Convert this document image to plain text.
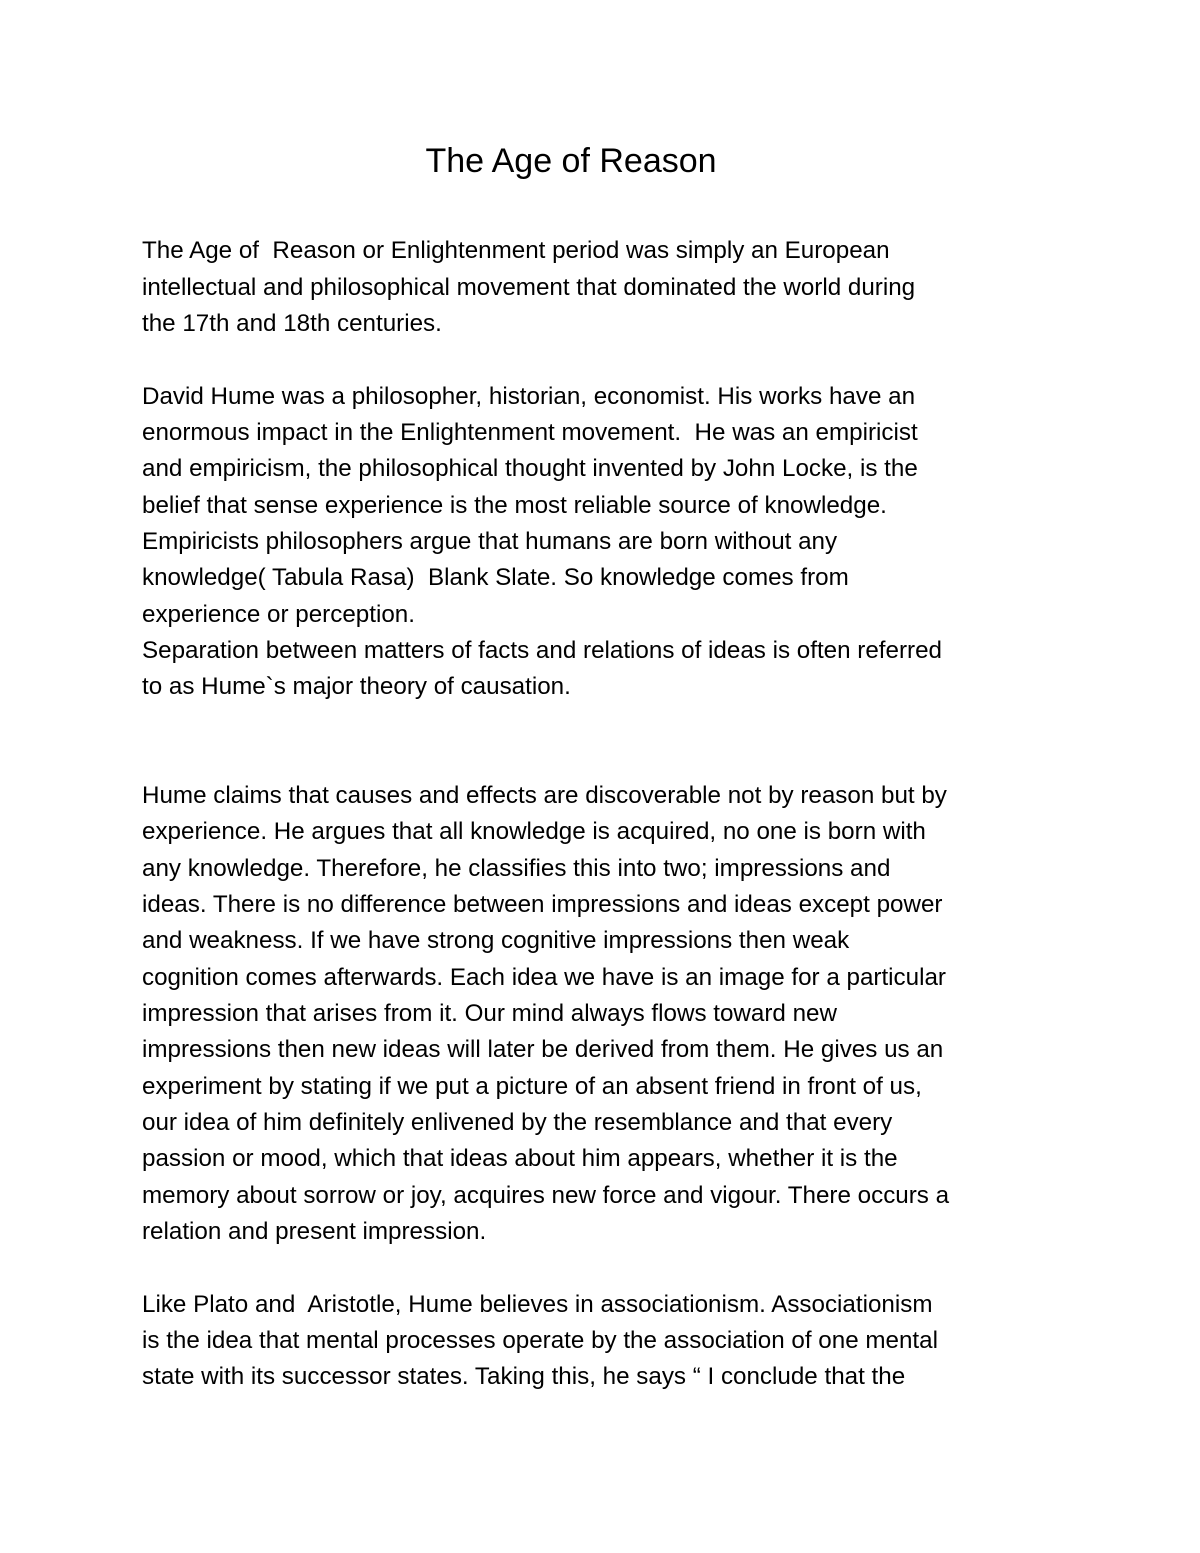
The Age of Reason

The Age of  Reason or Enlightenment period was simply an European

intellectual and philosophical movement that dominated the world during

the 17th and 18th centuries.

David Hume was a philosopher, historian, economist. His works have an

enormous impact in the Enlightenment movement.  He was an empiricist

and empiricism, the philosophical thought invented by John Locke, is the

belief that sense experience is the most reliable source of knowledge.

Empiricists philosophers argue that humans are born without any

knowledge( Tabula Rasa)  Blank Slate. So knowledge comes from

experience or perception.

Separation between matters of facts and relations of ideas is often referred

to as Hume`s major theory of causation.

Hume claims that causes and effects are discoverable not by reason but by

experience. He argues that all knowledge is acquired, no one is born with

any knowledge. Therefore, he classifies this into two; impressions and

ideas. There is no difference between impressions and ideas except power

and weakness. If we have strong cognitive impressions then weak

cognition comes afterwards. Each idea we have is an image for a particular

impression that arises from it. Our mind always flows toward new

impressions then new ideas will later be derived from them. He gives us an

experiment by stating if we put a picture of an absent friend in front of us,

our idea of him definitely enlivened by the resemblance and that every

passion or mood, which that ideas about him appears, whether it is the

memory about sorrow or joy, acquires new force and vigour. There occurs a

relation and present impression.

Like Plato and  Aristotle, Hume believes in associationism. Associationism

is the idea that mental processes operate by the association of one mental

state with its successor states. Taking this, he says “ I conclude that the
